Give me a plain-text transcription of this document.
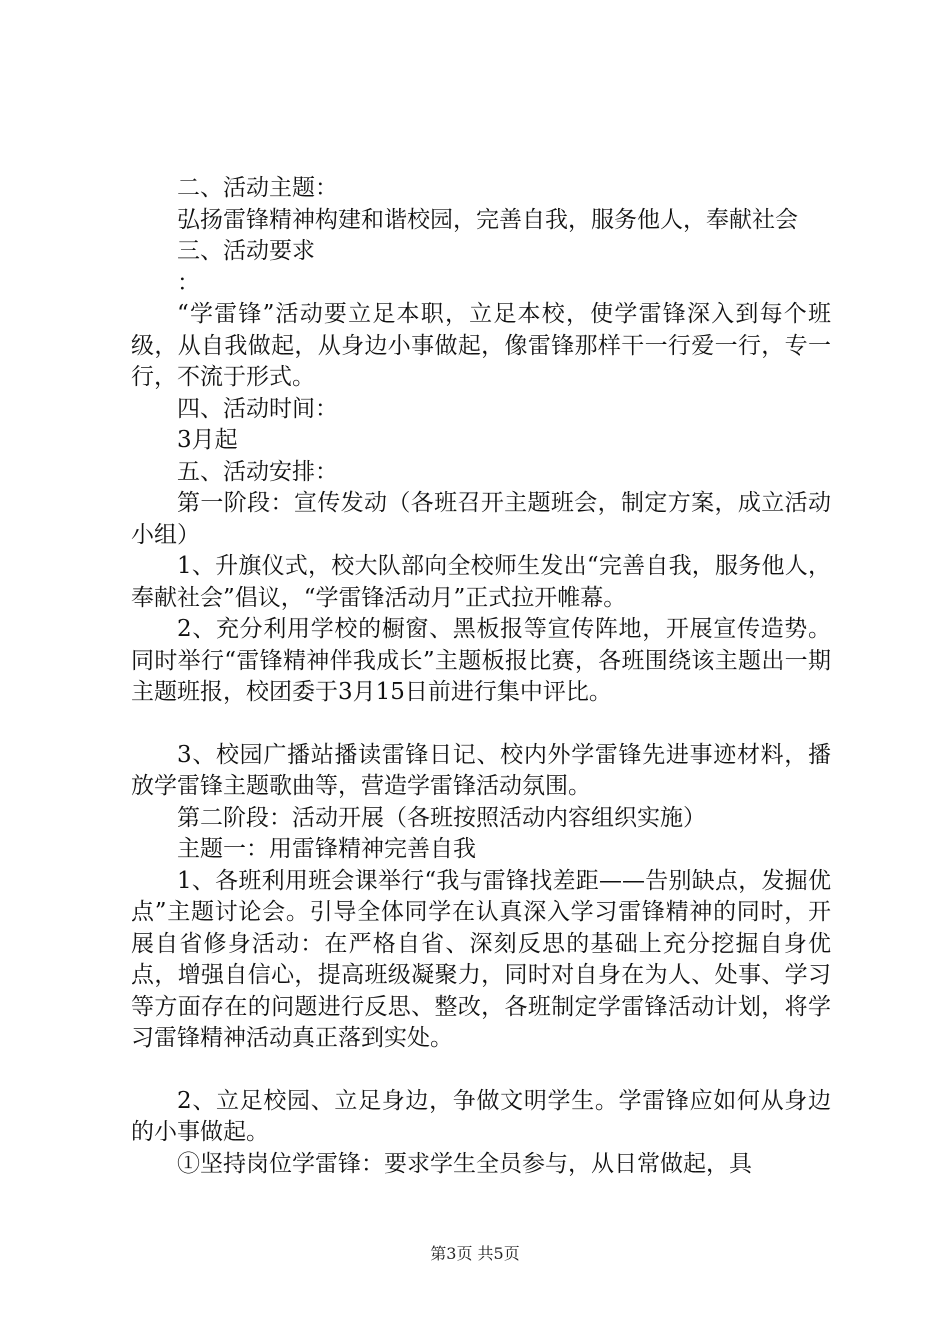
二、活动主题：

弘扬雷锋精神构建和谐校园，完善自我，服务他人，奉献社会

三、活动要求

：

“学雷锋”活动要立足本职，立足本校，使学雷锋深入到每个班级，从自我做起，从身边小事做起，像雷锋那样干一行爱一行，专一行，不流于形式。

四、活动时间：

3月起

五、活动安排：

第一阶段：宣传发动（各班召开主题班会，制定方案，成立活动小组）

1、升旗仪式，校大队部向全校师生发出“完善自我，服务他人，奉献社会”倡议，“学雷锋活动月”正式拉开帷幕。

2、充分利用学校的橱窗、黑板报等宣传阵地，开展宣传造势。同时举行“雷锋精神伴我成长”主题板报比赛，各班围绕该主题出一期主题班报，校团委于3月15日前进行集中评比。

3、校园广播站播读雷锋日记、校内外学雷锋先进事迹材料，播放学雷锋主题歌曲等，营造学雷锋活动氛围。

第二阶段：活动开展（各班按照活动内容组织实施）

主题一：用雷锋精神完善自我

1、各班利用班会课举行“我与雷锋找差距——告别缺点，发掘优点”主题讨论会。引导全体同学在认真深入学习雷锋精神的同时，开展自省修身活动：在严格自省、深刻反思的基础上充分挖掘自身优点，增强自信心，提高班级凝聚力，同时对自身在为人、处事、学习等方面存在的问题进行反思、整改，各班制定学雷锋活动计划，将学习雷锋精神活动真正落到实处。

2、立足校园、立足身边，争做文明学生。学雷锋应如何从身边的小事做起。

①坚持岗位学雷锋：要求学生全员参与，从日常做起，具

第3页 共5页
